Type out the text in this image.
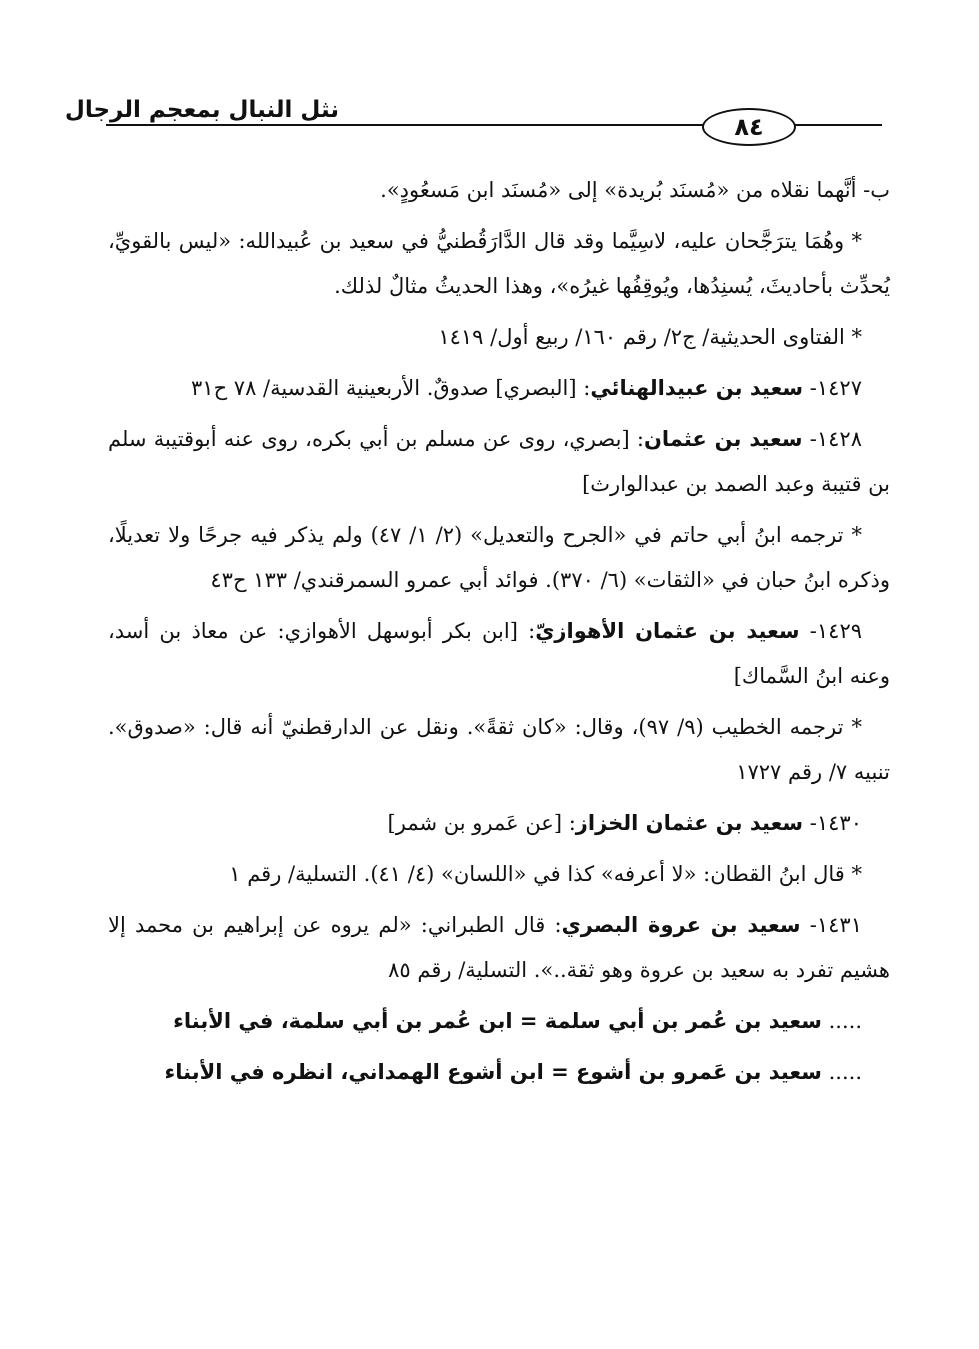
نثل النبال بمعجم الرجال
٨٤

ب- أنَّهما نقلاه من «مُسنَد بُريدة» إلى «مُسنَد ابن مَسعُودٍ».

* وهُمَا يترَجَّحان عليه، لاسِيَّما وقد قال الدَّارَقُطنيُّ في سعيد بن عُبيدالله: «ليس بالقويِّ، يُحدِّث بأحاديثَ، يُسنِدُها، ويُوقِفُها غيرُه»، وهذا الحديثُ مثالٌ لذلك.

* الفتاوى الحديثية/ ج٢/ رقم ١٦٠/ ربيع أول/ ١٤١٩

١٤٢٧- سعيد بن عبيدالهنائي: [البصري] صدوقٌ. الأربعينية القدسية/ ٧٨ ح٣١

١٤٢٨- سعيد بن عثمان: [بصري، روى عن مسلم بن أبي بكره، روى عنه أبوقتيبة سلم بن قتيبة وعبد الصمد بن عبدالوارث]

* ترجمه ابنُ أبي حاتم في «الجرح والتعديل» (٢/ ١/ ٤٧) ولم يذكر فيه جرحًا ولا تعديلًا، وذكره ابنُ حبان في «الثقات» (٦/ ٣٧٠). فوائد أبي عمرو السمرقندي/ ١٣٣ ح٤٣

١٤٢٩- سعيد بن عثمان الأهوازيّ: [ابن بكر أبوسهل الأهوازي: عن معاذ بن أسد، وعنه ابنُ السَّماك]

* ترجمه الخطيب (٩/ ٩٧)، وقال: «كان ثقةً». ونقل عن الدارقطنيّ أنه قال: «صدوق». تنبيه ٧/ رقم ١٧٢٧

١٤٣٠- سعيد بن عثمان الخزاز: [عن عَمرو بن شمر]

* قال ابنُ القطان: «لا أعرفه» كذا في «اللسان» (٤/ ٤١). التسلية/ رقم ١

١٤٣١- سعيد بن عروة البصري: قال الطبراني: «لم يروه عن إبراهيم بن محمد إلا هشيم تفرد به سعيد بن عروة وهو ثقة..». التسلية/ رقم ٨٥

..... سعيد بن عُمر بن أبي سلمة = ابن عُمر بن أبي سلمة، في الأبناء

..... سعيد بن عَمرو بن أشوع = ابن أشوع الهمداني، انظره في الأبناء
